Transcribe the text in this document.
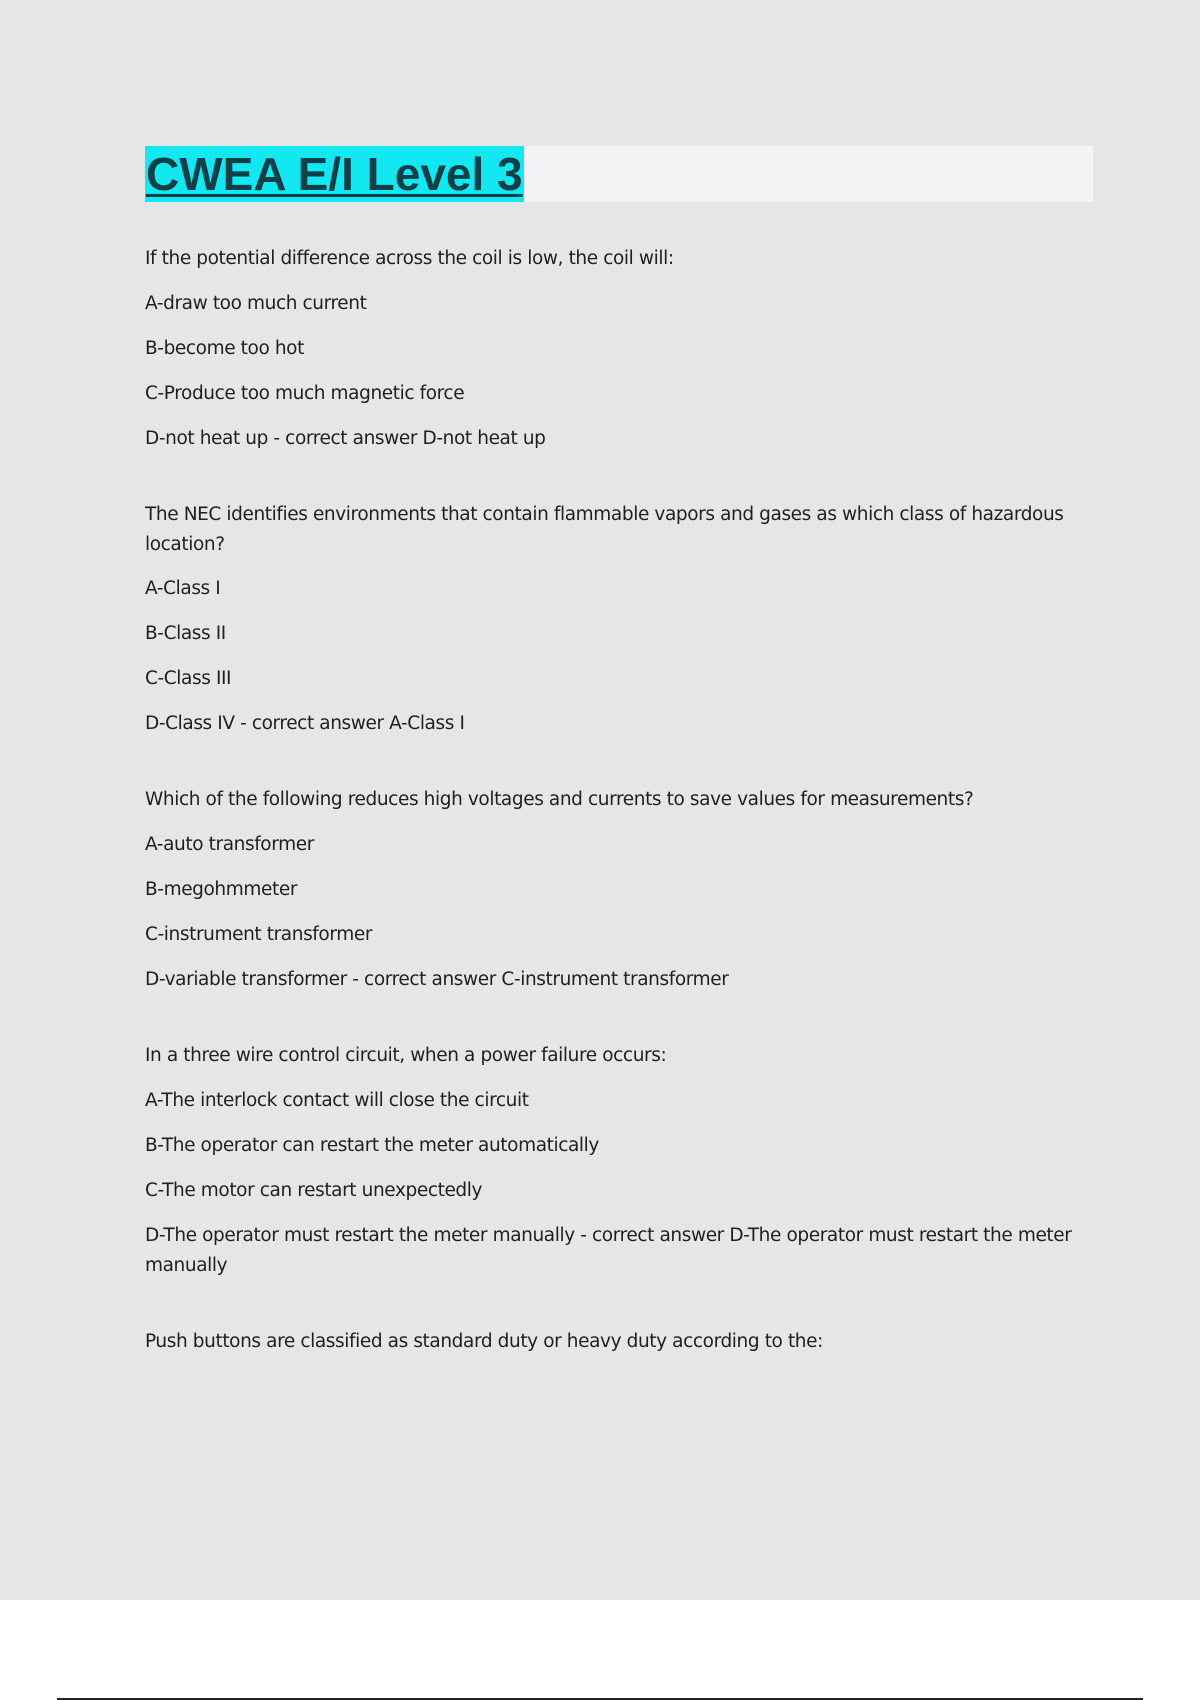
CWEA E/I Level 3
If the potential difference across the coil is low, the coil will:
A-draw too much current
B-become too hot
C-Produce too much magnetic force
D-not heat up - correct answer D-not heat up
The NEC identifies environments that contain flammable vapors and gases as which class of hazardous location?
A-Class I
B-Class II
C-Class III
D-Class IV - correct answer A-Class I
Which of the following reduces high voltages and currents to save values for measurements?
A-auto transformer
B-megohmmeter
C-instrument transformer
D-variable transformer - correct answer C-instrument transformer
In a three wire control circuit, when a power failure occurs:
A-The interlock contact will close the circuit
B-The operator can restart the meter automatically
C-The motor can restart unexpectedly
D-The operator must restart the meter manually - correct answer D-The operator must restart the meter manually
Push buttons are classified as standard duty or heavy duty according to the:
